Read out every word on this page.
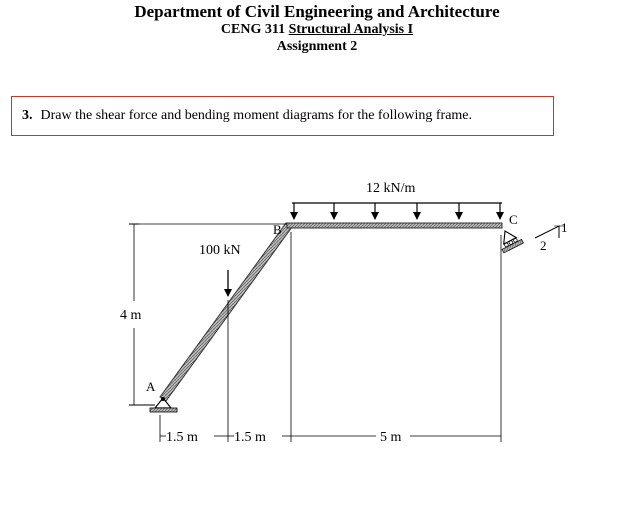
Department of Civil Engineering and Architecture
CENG 311 Structural Analysis I
Assignment 2
3. Draw the shear force and bending moment diagrams for the following frame.
12 kN/m
100 kN
B
C
A
1
2
4 m
1.5 m	1.5 m	5 m
